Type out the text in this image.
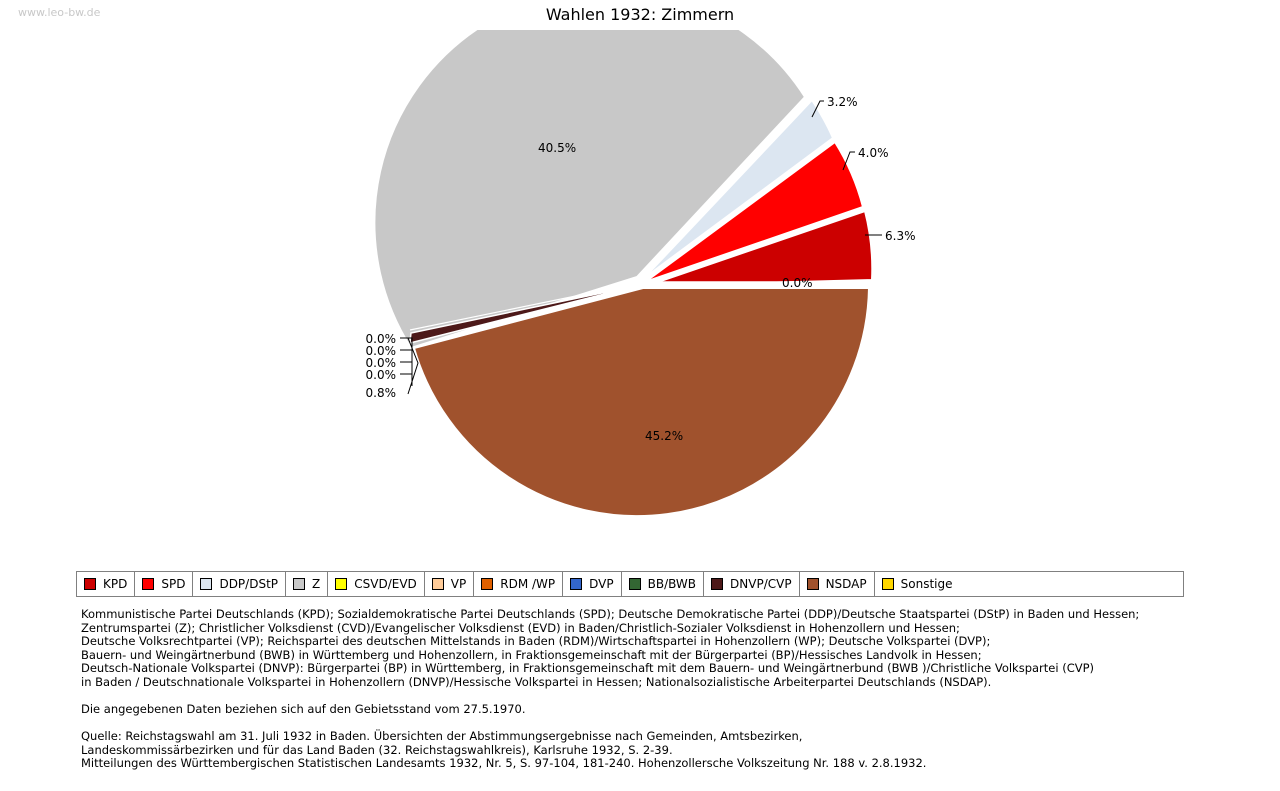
www.leo-bw.de	Wahlen 1932: Zimmern
40.5%
3.2%
4.0%
6.3%
0.0%
45.2%
0.0%
0.0%
0.0%
0.0%
0.8%
KPD	SPD	DDP/DStP	Z	CSVD/EVD	VP	RDM /WP	DVP	BB/BWB	DNVP/CVP	NSDAP	Sonstige

Kommunistische Partei Deutschlands (KPD); Sozialdemokratische Partei Deutschlands (SPD); Deutsche Demokratische Partei (DDP)/Deutsche Staatspartei (DStP) in Baden und Hessen;

Zentrumspartei (Z); Christlicher Volksdienst (CVD)/Evangelischer Volksdienst (EVD) in Baden/Christlich-Sozialer Volksdienst in Hohenzollern und Hessen;

Deutsche Volksrechtpartei (VP); Reichspartei des deutschen Mittelstands in Baden (RDM)/Wirtschaftspartei in Hohenzollern (WP); Deutsche Volkspartei (DVP);

Bauern- und Weingärtnerbund (BWB) in Württemberg und Hohenzollern, in Fraktionsgemeinschaft mit der Bürgerpartei (BP)/Hessisches Landvolk in Hessen;

Deutsch-Nationale Volkspartei (DNVP): Bürgerpartei (BP) in Württemberg, in Fraktionsgemeinschaft mit dem Bauern- und Weingärtnerbund (BWB )/Christliche Volkspartei (CVP)

in Baden / Deutschnationale Volkspartei in Hohenzollern (DNVP)/Hessische Volkspartei in Hessen; Nationalsozialistische Arbeiterpartei Deutschlands (NSDAP).

Die angegebenen Daten beziehen sich auf den Gebietsstand vom 27.5.1970.

Quelle: Reichstagswahl am 31. Juli 1932 in Baden. Übersichten der Abstimmungsergebnisse nach Gemeinden, Amtsbezirken,

Landeskommissärbezirken und für das Land Baden (32. Reichstagswahlkreis), Karlsruhe 1932, S. 2-39.

Mitteilungen des Württembergischen Statistischen Landesamts 1932, Nr. 5, S. 97-104, 181-240. Hohenzollersche Volkszeitung Nr. 188 v. 2.8.1932.
